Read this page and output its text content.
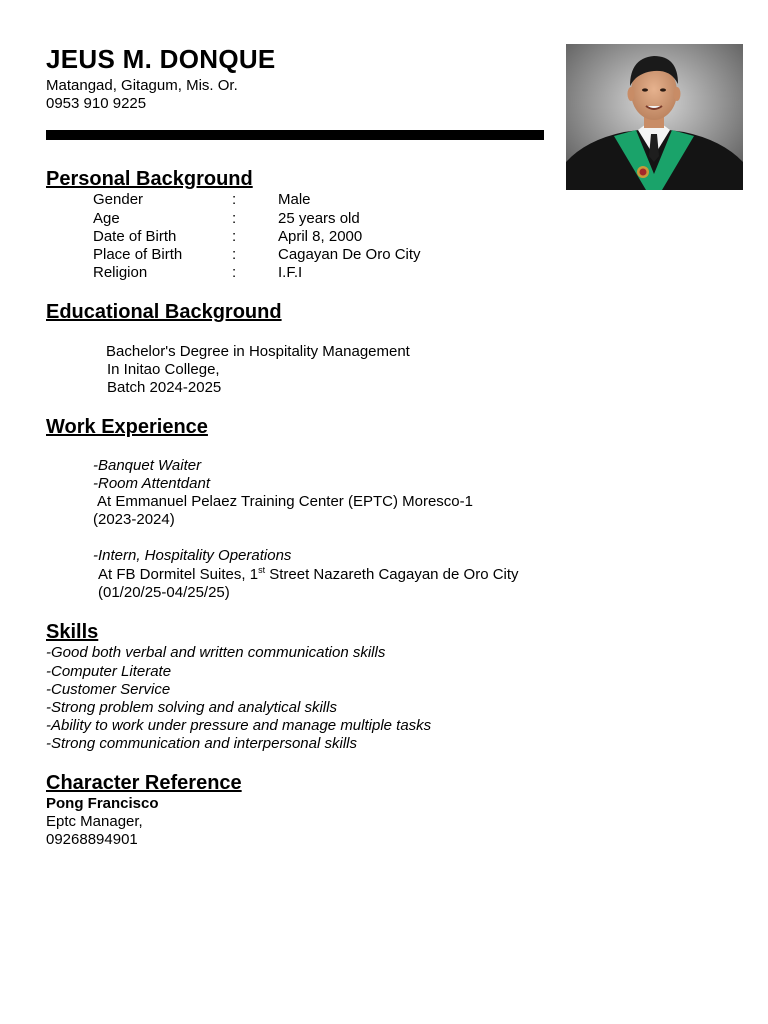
JEUS M. DONQUE
Matangad, Gitagum, Mis. Or.
0953 910 9225
Personal Background
Gender	:	Male
Age	:	25 years old
Date of Birth	:	April 8, 2000
Place of Birth	:	Cagayan De Oro City
Religion	:	I.F.I
Educational Background
Bachelor's Degree in Hospitality Management
In Initao College,
Batch 2024-2025
Work Experience
-Banquet Waiter
-Room Attentdant
At Emmanuel Pelaez Training Center (EPTC) Moresco-1
(2023-2024)
-Intern, Hospitality Operations
At FB Dormitel Suites, 1st Street Nazareth Cagayan de Oro City
(01/20/25-04/25/25)
Skills
-Good both verbal and written communication skills
-Computer Literate
-Customer Service
-Strong problem solving and analytical skills
-Ability to work under pressure and manage multiple tasks
-Strong communication and interpersonal skills
Character Reference
Pong Francisco
Eptc Manager,
09268894901
